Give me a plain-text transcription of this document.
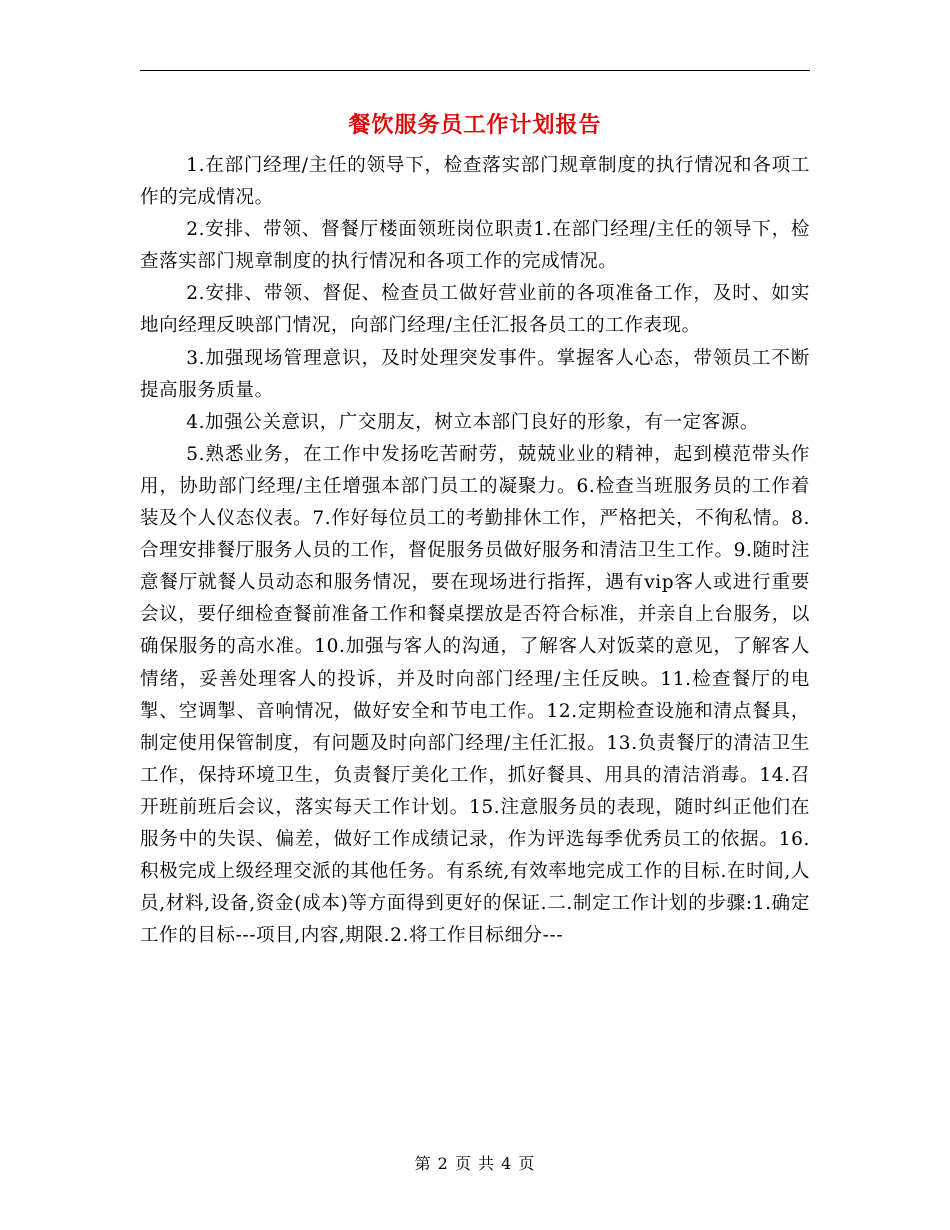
餐饮服务员工作计划报告

1.在部门经理/主任的领导下，检查落实部门规章制度的执行情况和各项工作的完成情况。

2.安排、带领、督餐厅楼面领班岗位职责1.在部门经理/主任的领导下，检查落实部门规章制度的执行情况和各项工作的完成情况。

2.安排、带领、督促、检查员工做好营业前的各项准备工作，及时、如实地向经理反映部门情况，向部门经理/主任汇报各员工的工作表现。

3.加强现场管理意识，及时处理突发事件。掌握客人心态，带领员工不断提高服务质量。

4.加强公关意识，广交朋友，树立本部门良好的形象，有一定客源。

5.熟悉业务，在工作中发扬吃苦耐劳，兢兢业业的精神，起到模范带头作用，协助部门经理/主任增强本部门员工的凝聚力。6.检查当班服务员的工作着装及个人仪态仪表。7.作好每位员工的考勤排休工作，严格把关，不徇私情。8.合理安排餐厅服务人员的工作，督促服务员做好服务和清洁卫生工作。9.随时注意餐厅就餐人员动态和服务情况，要在现场进行指挥，遇有vip客人或进行重要会议，要仔细检查餐前准备工作和餐桌摆放是否符合标准，并亲自上台服务，以确保服务的高水准。10.加强与客人的沟通，了解客人对饭菜的意见，了解客人情绪，妥善处理客人的投诉，并及时向部门经理/主任反映。11.检查餐厅的电掣、空调掣、音响情况，做好安全和节电工作。12.定期检查设施和清点餐具，制定使用保管制度，有问题及时向部门经理/主任汇报。13.负责餐厅的清洁卫生工作，保持环境卫生，负责餐厅美化工作，抓好餐具、用具的清洁消毒。14.召开班前班后会议，落实每天工作计划。15.注意服务员的表现，随时纠正他们在服务中的失误、偏差，做好工作成绩记录，作为评选每季优秀员工的依据。16.积极完成上级经理交派的其他任务。有系统,有效率地完成工作的目标.在时间,人员,材料,设备,资金(成本)等方面得到更好的保证.二.制定工作计划的步骤:1.确定工作的目标---项目,内容,期限.2.将工作目标细分---

第 2 页 共 4 页
